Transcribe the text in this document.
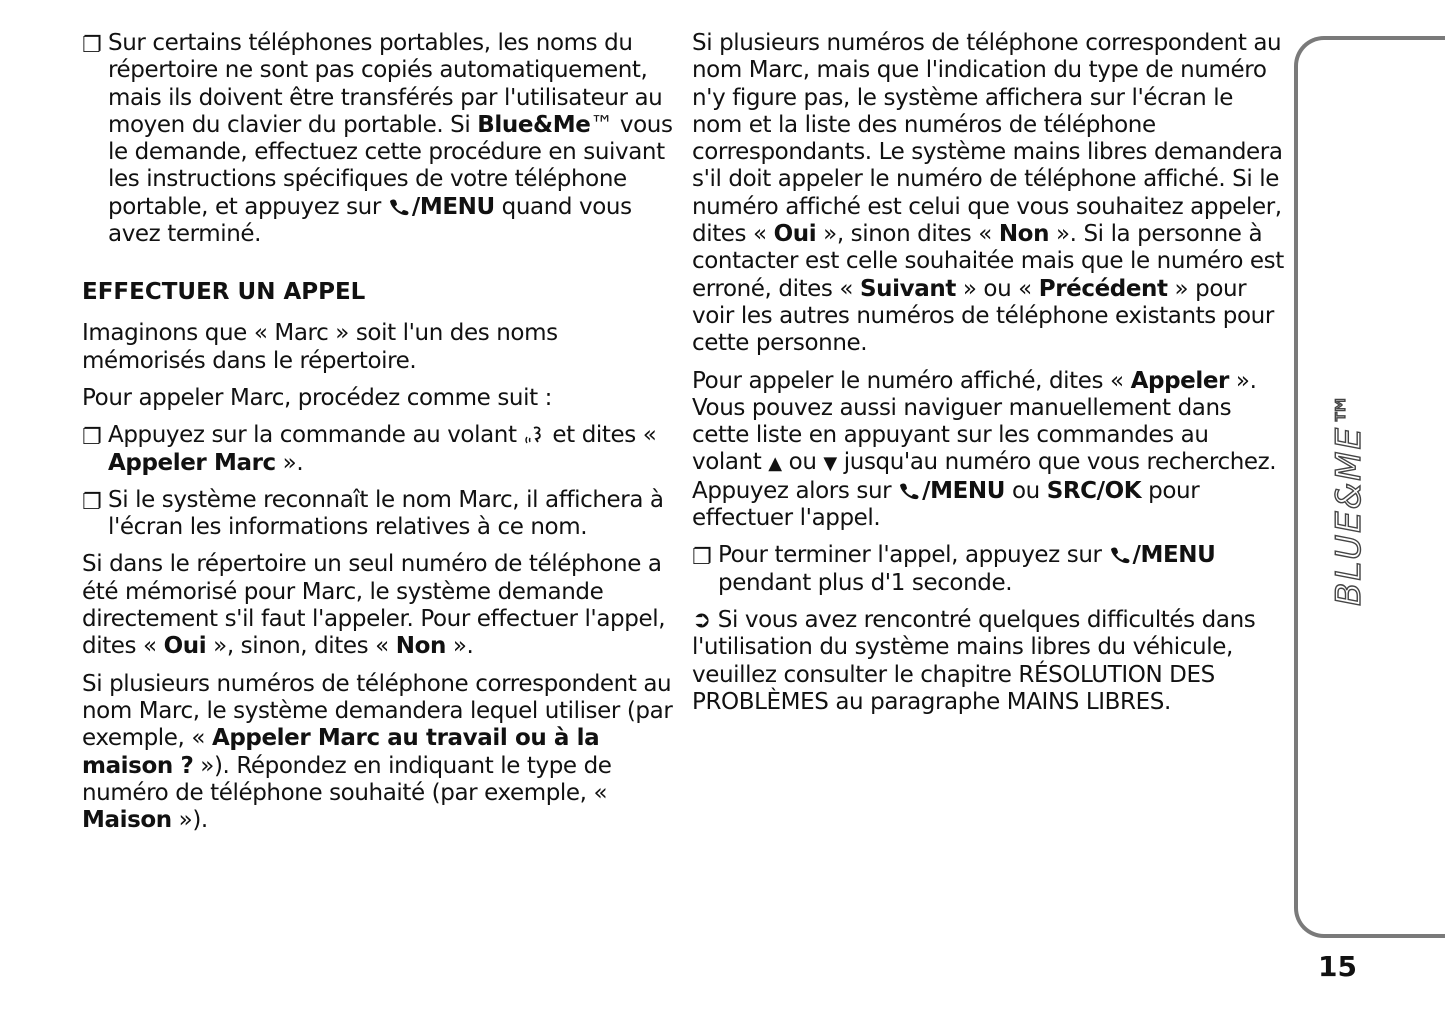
❐ Sur certains téléphones portables, les noms du répertoire ne sont pas copiés automatiquement, mais ils doivent être transférés par l'utilisateur au moyen du clavier du portable. Si Blue&Me™ vous le demande, effectuez cette procédure en suivant les instructions spécifiques de votre téléphone portable, et appuyez sur /MENU quand vous avez terminé.
EFFECTUER UN APPEL

Imaginons que « Marc » soit l'un des noms mémorisés dans le répertoire.

Pour appeler Marc, procédez comme suit :

❐ Appuyez sur la commande au volant  et dites « Appeler Marc ».
❐ Si le système reconnaît le nom Marc, il affichera à l'écran les informations relatives à ce nom.

Si dans le répertoire un seul numéro de téléphone a été mémorisé pour Marc, le système demande directement s'il faut l'appeler. Pour effectuer l'appel, dites « Oui », sinon, dites « Non ».

Si plusieurs numéros de téléphone correspondent au nom Marc, le système demandera lequel utiliser (par exemple, « Appeler Marc au travail ou à la maison ? »). Répondez en indiquant le type de numéro de téléphone souhaité (par exemple, « Maison »).

Si plusieurs numéros de téléphone correspondent au nom Marc, mais que l'indication du type de numéro n'y figure pas, le système affichera sur l'écran le nom et la liste des numéros de téléphone correspondants. Le système mains libres demandera s'il doit appeler le numéro de téléphone affiché. Si le numéro affiché est celui que vous souhaitez appeler, dites « Oui », sinon dites « Non ». Si la personne à contacter est celle souhaitée mais que le numéro est erroné, dites « Suivant » ou « Précédent » pour voir les autres numéros de téléphone existants pour cette personne.

Pour appeler le numéro affiché, dites « Appeler ». Vous pouvez aussi naviguer manuellement dans cette liste en appuyant sur les commandes au volant ▲ ou ▼ jusqu'au numéro que vous recherchez. Appuyez alors sur /MENU ou SRC/OK pour effectuer l'appel.

❐ Pour terminer l'appel, appuyez sur /MENU pendant plus d'1 seconde.

➲ Si vous avez rencontré quelques difficultés dans l'utilisation du système mains libres du véhicule, veuillez consulter le chapitre RÉSOLUTION DES PROBLÈMES au paragraphe MAINS LIBRES.

BLUE&ME™
15
